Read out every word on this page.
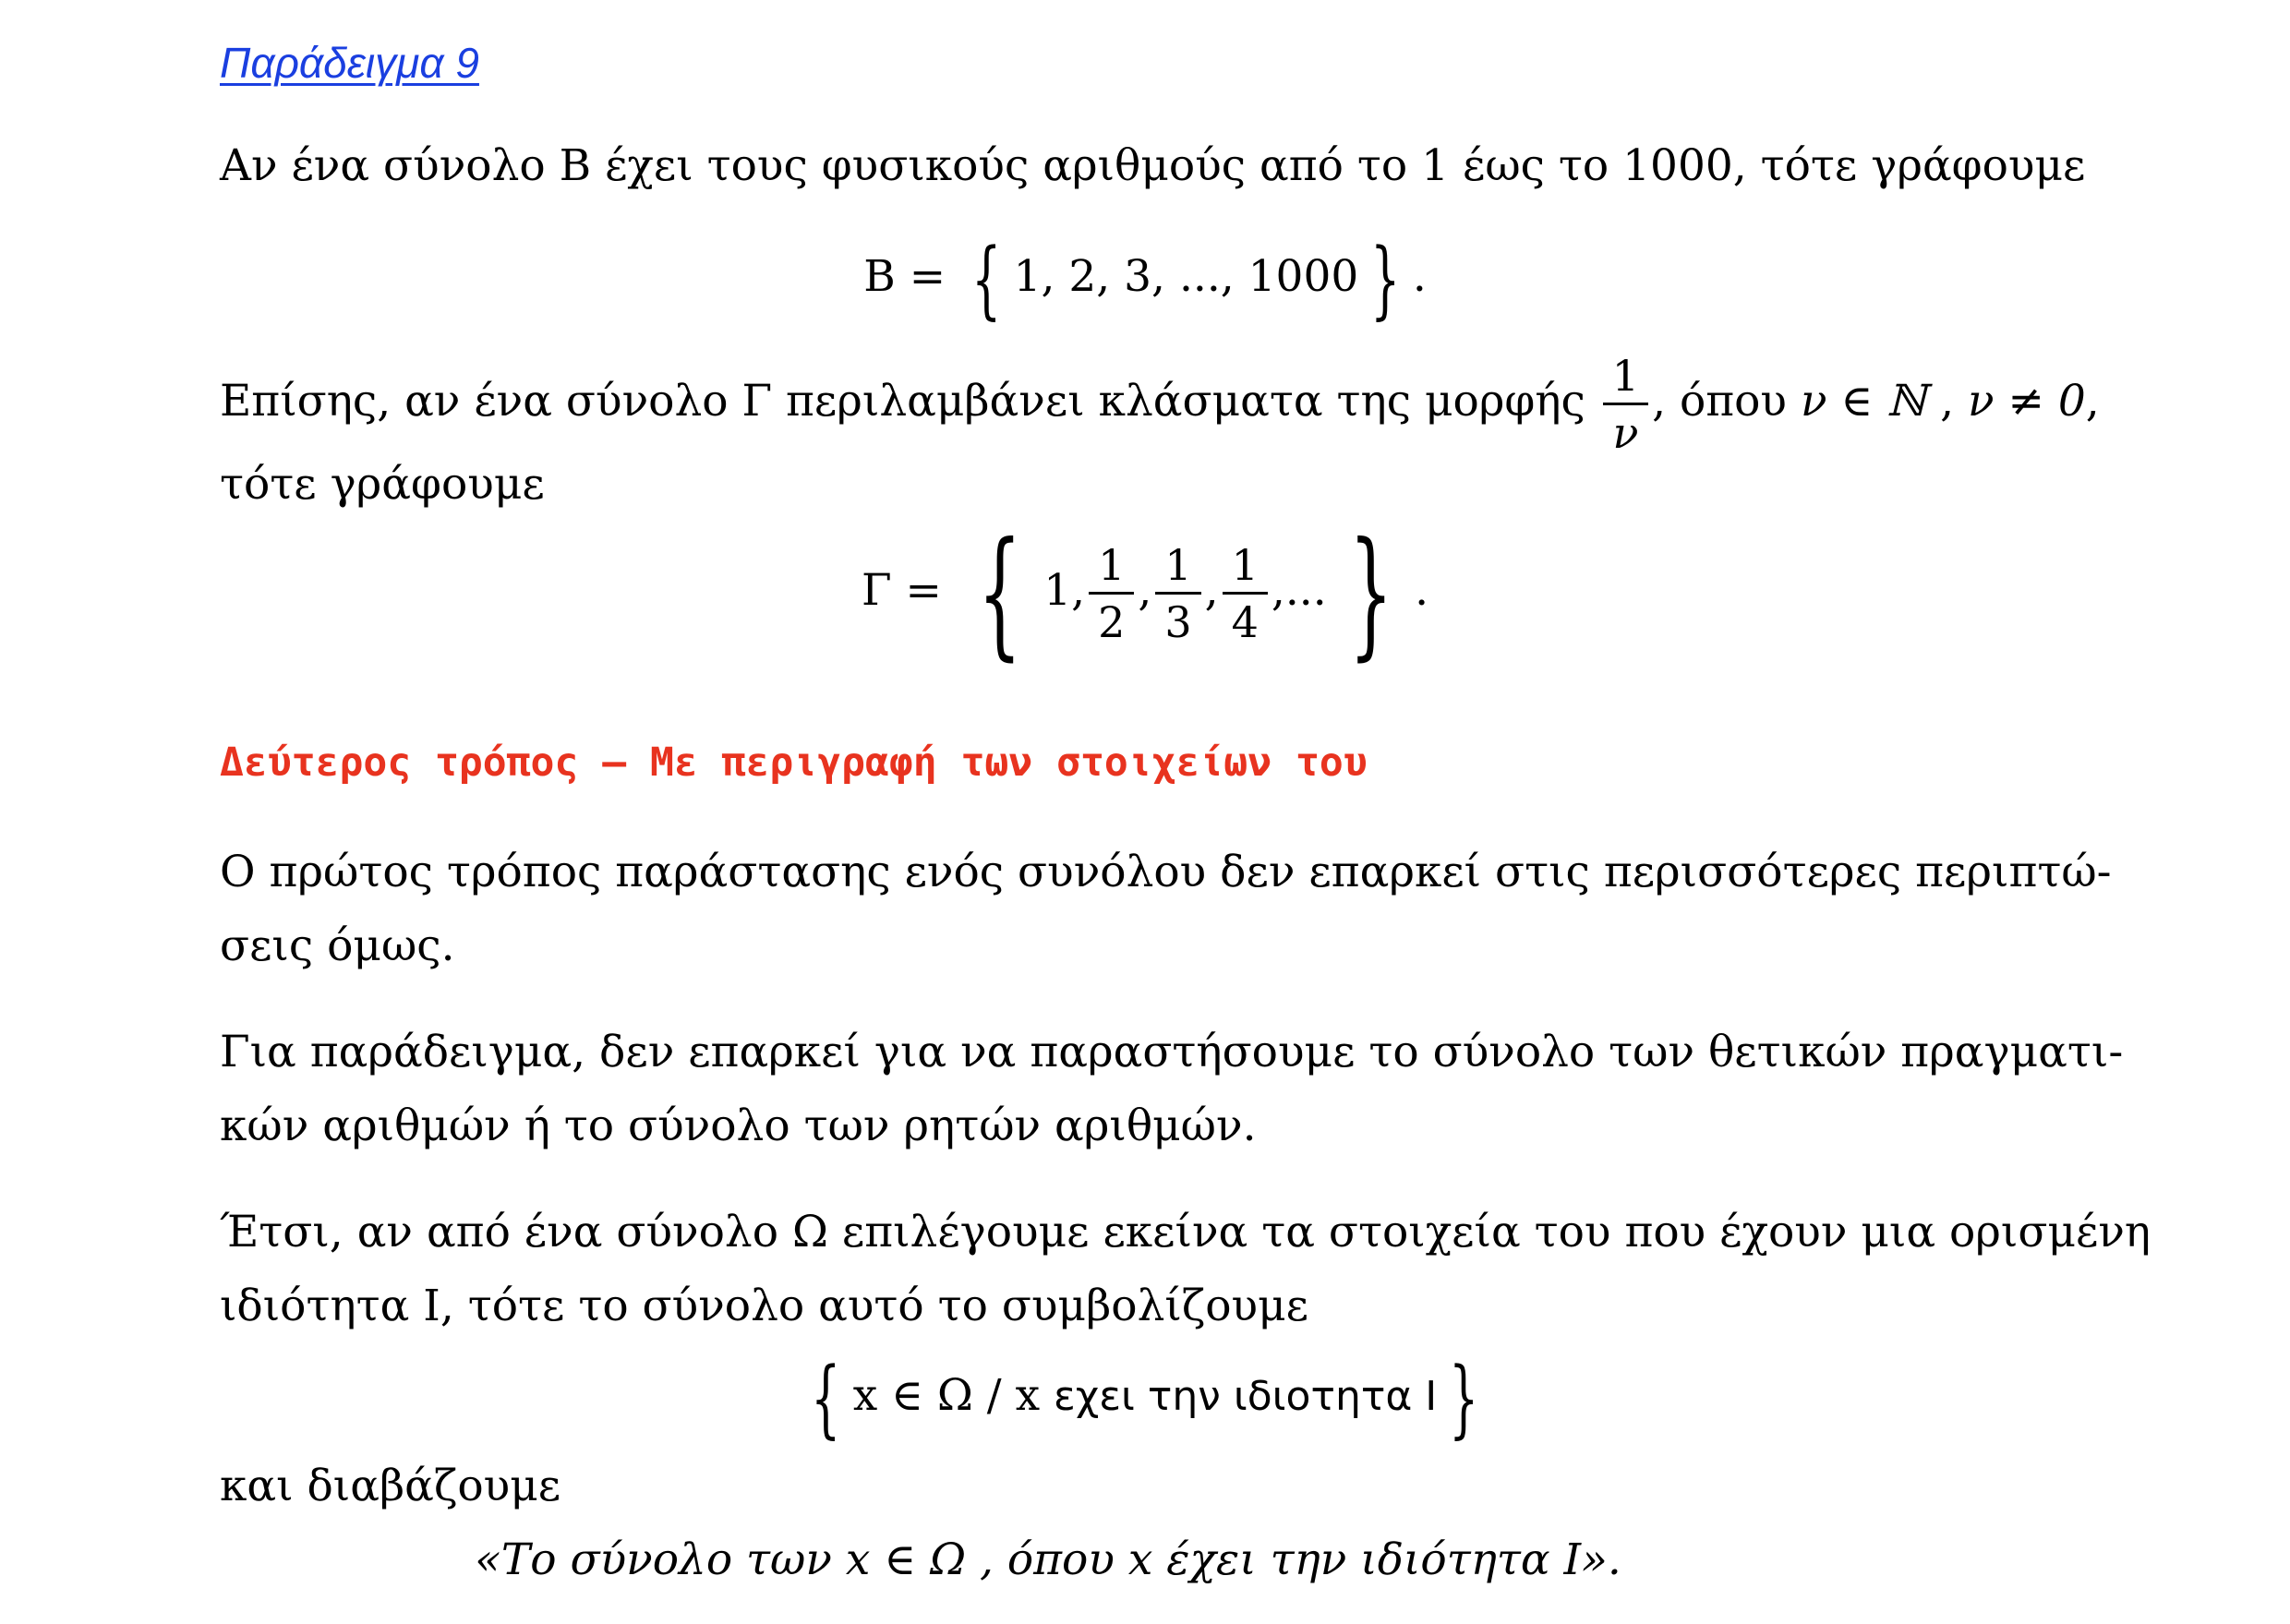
Παράδειγμα 9
Αν ένα σύνολο Β έχει τους φυσικούς αριθμούς από το 1 έως το 1000, τότε γράφουμε
Β = { 1, 2, 3, ..., 1000 } .
Επίσης, αν ένα σύνολο Γ περιλαμβάνει κλάσματα της μορφής $\frac{1}{\nu}$ , όπου ν ∈ ℕ , ν ≠ 0,
τότε γράφουμε
Γ = { 1, $\frac{1}{2}$ , $\frac{1}{3}$ , $\frac{1}{4}$ ,... } .
Δεύτερος τρόπος – Με περιγραφή των στοιχείων του
Ο πρώτος τρόπος παράστασης ενός συνόλου δεν επαρκεί στις περισσότερες περιπτώ-
σεις όμως.
Για παράδειγμα, δεν επαρκεί για να παραστήσουμε το σύνολο των θετικών πραγματι-
κών αριθμών ή το σύνολο των ρητών αριθμών.
Έτσι, αν από ένα σύνολο Ω επιλέγουμε εκείνα τα στοιχεία του που έχουν μια ορισμένη
ιδιότητα Ι, τότε το σύνολο αυτό το συμβολίζουμε
{ x ∈ Ω / x εχει την ιδιοτητα Ι }
και διαβάζουμε
«Το σύνολο των x ∈ Ω , όπου x έχει την ιδιότητα Ι».
